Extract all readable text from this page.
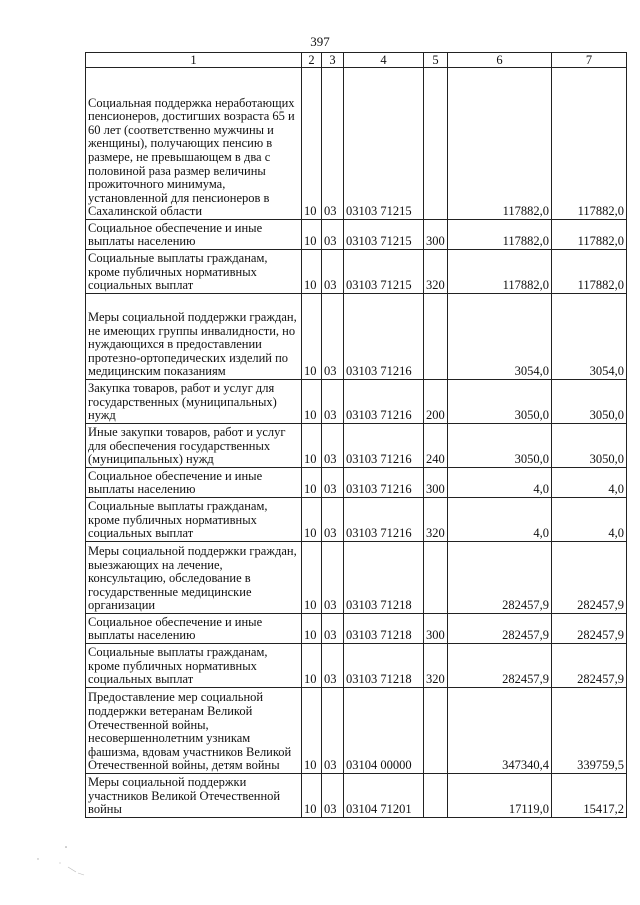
397
1	2	3	4	5	6	7
Социальная поддержка неработающих пенсионеров, достигших возраста 65 и 60 лет (соответственно мужчины и женщины), получающих пенсию в размере, не превышающем в два с половиной раза размер величины прожиточного минимума, установленной для пенсионеров в Сахалинской области	10	03	03103 71215		117882,0	117882,0
Социальное обеспечение и иные выплаты населению	10	03	03103 71215	300	117882,0	117882,0
Социальные выплаты гражданам, кроме публичных нормативных социальных выплат	10	03	03103 71215	320	117882,0	117882,0
Меры социальной поддержки граждан, не имеющих группы инвалидности, но нуждающихся в предоставлении протезно-ортопедических изделий по медицинским показаниям	10	03	03103 71216		3054,0	3054,0
Закупка товаров, работ и услуг для государственных (муниципальных) нужд	10	03	03103 71216	200	3050,0	3050,0
Иные закупки товаров, работ и услуг для обеспечения государственных (муниципальных) нужд	10	03	03103 71216	240	3050,0	3050,0
Социальное обеспечение и иные выплаты населению	10	03	03103 71216	300	4,0	4,0
Социальные выплаты гражданам, кроме публичных нормативных социальных выплат	10	03	03103 71216	320	4,0	4,0
Меры социальной поддержки граждан, выезжающих на лечение, консультацию, обследование в государственные медицинские организации	10	03	03103 71218		282457,9	282457,9
Социальное обеспечение и иные выплаты населению	10	03	03103 71218	300	282457,9	282457,9
Социальные выплаты гражданам, кроме публичных нормативных социальных выплат	10	03	03103 71218	320	282457,9	282457,9
Предоставление мер социальной поддержки ветеранам Великой Отечественной войны, несовершеннолетним узникам фашизма, вдовам участников Великой Отечественной войны, детям войны	10	03	03104 00000		347340,4	339759,5
Меры социальной поддержки участников Великой Отечественной войны	10	03	03104 71201		17119,0	15417,2
